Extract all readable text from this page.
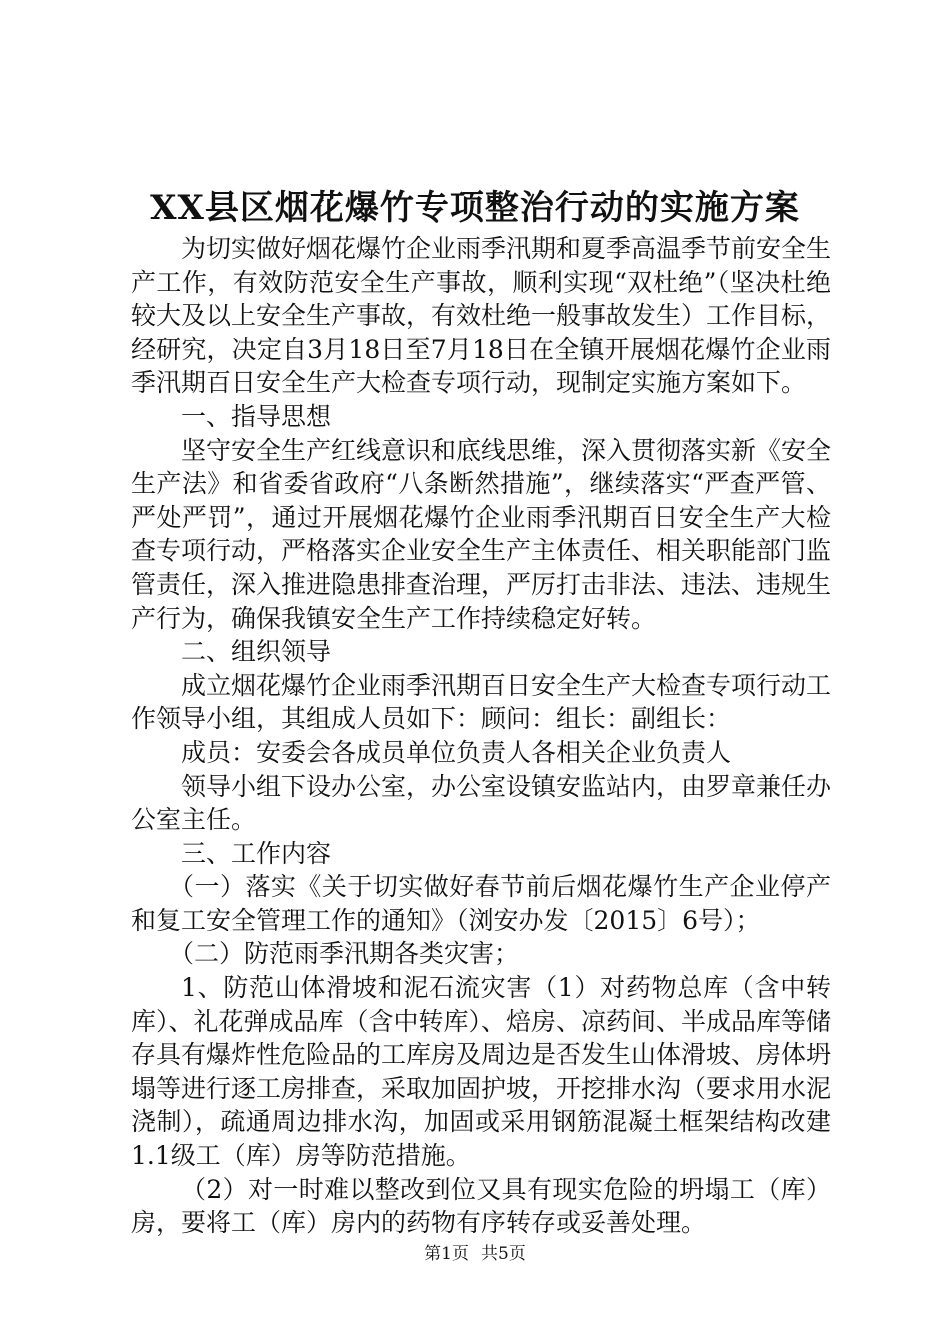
XX县区烟花爆竹专项整治行动的实施方案

为切实做好烟花爆竹企业雨季汛期和夏季高温季节前安全生产工作，有效防范安全生产事故，顺利实现“双杜绝”（坚决杜绝较大及以上安全生产事故，有效杜绝一般事故发生）工作目标，经研究，决定自3月18日至7月18日在全镇开展烟花爆竹企业雨季汛期百日安全生产大检查专项行动，现制定实施方案如下。

一、指导思想

坚守安全生产红线意识和底线思维，深入贯彻落实新《安全生产法》和省委省政府“八条断然措施”，继续落实“严查严管、严处严罚”，通过开展烟花爆竹企业雨季汛期百日安全生产大检查专项行动，严格落实企业安全生产主体责任、相关职能部门监管责任，深入推进隐患排查治理，严厉打击非法、违法、违规生产行为，确保我镇安全生产工作持续稳定好转。

二、组织领导

成立烟花爆竹企业雨季汛期百日安全生产大检查专项行动工作领导小组，其组成人员如下：顾问：组长：副组长：

成员：安委会各成员单位负责人各相关企业负责人

领导小组下设办公室，办公室设镇安监站内，由罗章兼任办公室主任。

三、工作内容

（一）落实《关于切实做好春节前后烟花爆竹生产企业停产和复工安全管理工作的通知》（浏安办发〔2015〕6号）；

（二）防范雨季汛期各类灾害；

1、防范山体滑坡和泥石流灾害（1）对药物总库（含中转库）、礼花弹成品库（含中转库）、焙房、凉药间、半成品库等储存具有爆炸性危险品的工库房及周边是否发生山体滑坡、房体坍塌等进行逐工房排查，采取加固护坡，开挖排水沟（要求用水泥浇制），疏通周边排水沟，加固或采用钢筋混凝土框架结构改建1.1级工（库）房等防范措施。

（2）对一时难以整改到位又具有现实危险的坍塌工（库）房，要将工（库）房内的药物有序转存或妥善处理。

第1页 共5页
